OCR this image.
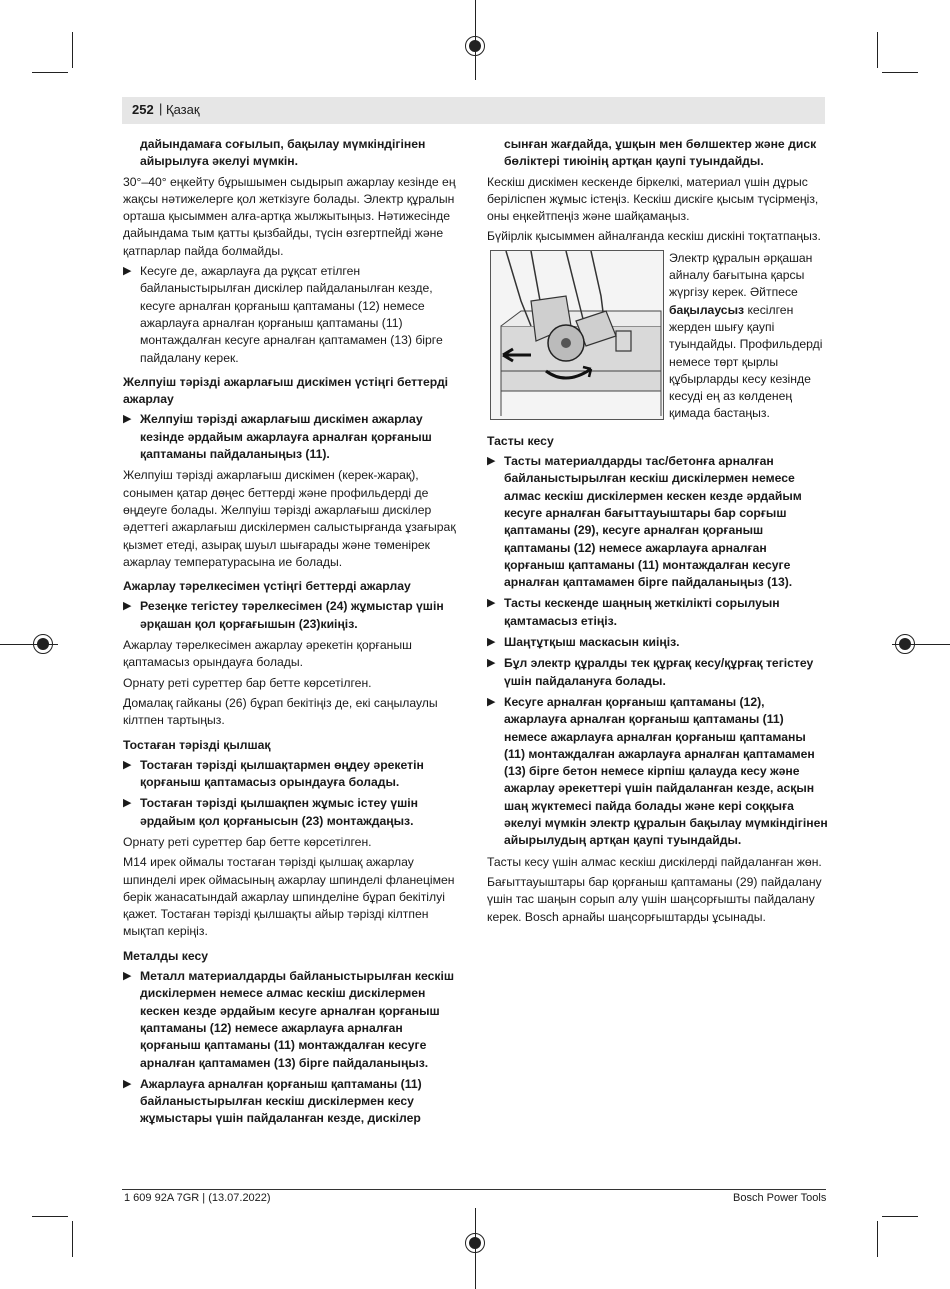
252 | Қазақ

дайындамаға соғылып, бақылау мүмкіндігінен айырылуға әкелуі мүмкін.

30°–40° еңкейту бұрышымен сыдырып ажарлау кезінде ең жақсы нәтижелерге қол жеткізуге болады. Электр құралын орташа қысыммен алға-артқа жылжытыңыз. Нәтижесінде дайындама тым қатты қызбайды, түсін өзгертпейді және қатпарлар пайда болмайды.

▶ Кесуге де, ажарлауға да рұқсат етілген байланыстырылған дискілер пайдаланылған кезде, кесуге арналған қорғаныш қаптаманы (12) немесе ажарлауға арналған қорғаныш қаптаманы (11) монтаждалған кесуге арналған қаптамамен (13) бірге пайдалану керек.
Желпуіш тәрізді ажарлағыш дискімен үстіңгі беттерді ажарлау
▶ Желпуіш тәрізді ажарлағыш дискімен ажарлау кезінде әрдайым ажарлауға арналған қорғаныш қаптаманы пайдаланыңыз (11).

Желпуіш тәрізді ажарлағыш дискімен (керек-жарақ), сонымен қатар дөңес беттерді және профильдерді де өңдеуге болады. Желпуіш тәрізді ажарлағыш дискілер әдеттегі ажарлағыш дискілермен салыстырғанда ұзағырақ қызмет етеді, азырақ шуыл шығарады және төменірек ажарлау температурасына ие болады.

Ажарлау тәрелкесімен үстіңгі беттерді ажарлау
▶ Резеңке тегістеу тәрелкесімен (24) жұмыстар үшін әрқашан қол қорғағышын (23)киіңіз.

Ажарлау тәрелкесімен ажарлау әрекетін қорғаныш қаптамасыз орындауға болады.

Орнату реті суреттер бар бетте көрсетілген.

Домалақ гайканы (26) бұрап бекітіңіз де, екі саңылаулы кілтпен тартыңыз.

Тостаған тәрізді қылшақ
▶ Тостаған тәрізді қылшақтармен өңдеу әрекетін қорғаныш қаптамасыз орындауға болады.
▶ Тостаған тәрізді қылшақпен жұмыс істеу үшін әрдайым қол қорғанысын (23) монтаждаңыз.

Орнату реті суреттер бар бетте көрсетілген.

М14 ирек оймалы тостаған тәрізді қылшақ ажарлау шпинделі ирек оймасының ажарлау шпинделі фланецімен берік жанасатындай ажарлау шпинделіне бұрап бекітілуі қажет. Тостаған тәрізді қылшақты айыр тәрізді кілтпен мықтап керіңіз.

Металды кесу
▶ Металл материалдарды байланыстырылған кескіш дискілермен немесе алмас кескіш дискілермен кескен кезде әрдайым кесуге арналған қорғаныш қаптаманы (12) немесе ажарлауға арналған қорғаныш қаптаманы (11) монтаждалған кесуге арналған қаптамамен (13) бірге пайдаланыңыз.
▶ Ажарлауға арналған қорғаныш қаптаманы (11) байланыстырылған кескіш дискілермен кесу жұмыстары үшін пайдаланған кезде, дискілер

сынған жағдайда, ұшқын мен бөлшектер және диск бөліктері тиюінің артқан қаупі туындайды.

Кескіш дискімен кескенде біркелкі, материал үшін дұрыс беріліспен жұмыс істеңіз. Кескіш дискіге қысым түсірмеңіз, оны еңкейтпеңіз және шайқамаңыз.

Бүйірлік қысыммен айналғанда кескіш дискіні тоқтатпаңыз.

Электр құралын әрқашан айналу бағытына қарсы жүргізу керек. Әйтпесе бақылаусыз кесілген жерден шығу қаупі туындайды. Профильдерді немесе төрт қырлы құбырларды кесу кезінде кесуді ең аз көлденең қимада бастаңыз.
Тасты кесу
▶ Тасты материалдарды тас/бетонға арналған байланыстырылған кескіш дискілермен немесе алмас кескіш дискілермен кескен кезде әрдайым кесуге арналған бағыттауыштары бар сорғыш қаптаманы (29), кесуге арналған қорғаныш қаптаманы (12) немесе ажарлауға арналған қорғаныш қаптаманы (11) монтаждалған кесуге арналған қаптамамен бірге пайдаланыңыз (13).
▶ Тасты кескенде шаңның жеткілікті сорылуын қамтамасыз етіңіз.
▶ Шаңтұтқыш маскасын киіңіз.
▶ Бұл электр құралды тек құрғақ кесу/құрғақ тегістеу үшін пайдалануға болады.
▶ Кесуге арналған қорғаныш қаптаманы (12), ажарлауға арналған қорғаныш қаптаманы (11) немесе ажарлауға арналған қорғаныш қаптаманы (11) монтаждалған ажарлауға арналған қаптамамен (13) бірге бетон немесе кірпіш қалауда кесу және ажарлау әрекеттері үшін пайдаланған кезде, асқын шаң жүктемесі пайда болады және кері соққыға әкелуі мүмкін электр құралын бақылау мүмкіндігінен айырылудың артқан қаупі туындайды.

Тасты кесу үшін алмас кескіш дискілерді пайдаланған жөн.

Бағыттауыштары бар қорғаныш қаптаманы (29) пайдалану үшін тас шаңын сорып алу үшін шаңсорғышты пайдалану керек. Bosch арнайы шаңсорғыштарды ұсынады.

1 609 92A 7GR | (13.07.2022)	Bosch Power Tools
